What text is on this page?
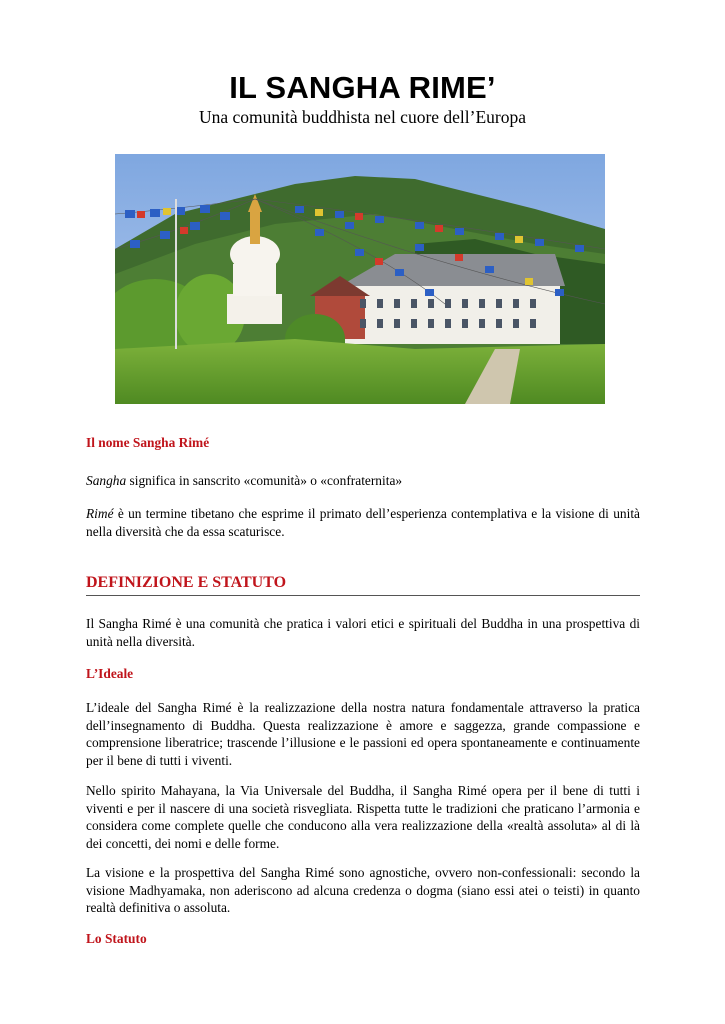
IL SANGHA RIME’

Una comunità buddhista nel cuore dell’Europa

Il nome Sangha Rimé

Sangha significa in sanscrito «comunità» o «confraternita»

Rimé è un termine tibetano che esprime il primato dell’esperienza contemplativa e la visione di unità nella diversità che da essa scaturisce.

DEFINIZIONE E STATUTO

Il Sangha Rimé è una comunità che pratica i valori etici e spirituali del Buddha in una prospettiva di unità nella diversità.

L’Ideale

L’ideale del Sangha Rimé è la realizzazione della nostra natura fondamentale attraverso la pratica dell’insegnamento di Buddha. Questa realizzazione è amore e saggezza, grande compassione e comprensione liberatrice; trascende l’illusione e le passioni ed opera spontaneamente e continuamente per il bene di tutti i viventi.

Nello spirito Mahayana, la Via Universale del Buddha, il Sangha Rimé opera per il bene di tutti i viventi e per il nascere di una società risvegliata. Rispetta tutte le tradizioni che praticano l’armonia e considera come complete quelle che conducono alla vera realizzazione della «realtà assoluta» al di là dei concetti, dei nomi e delle forme.

La visione e la prospettiva del Sangha Rimé sono agnostiche, ovvero non-confessionali: secondo la visione Madhyamaka, non aderiscono ad alcuna credenza o dogma (siano essi atei o teisti) in quanto realtà definitiva o assoluta.

Lo Statuto
